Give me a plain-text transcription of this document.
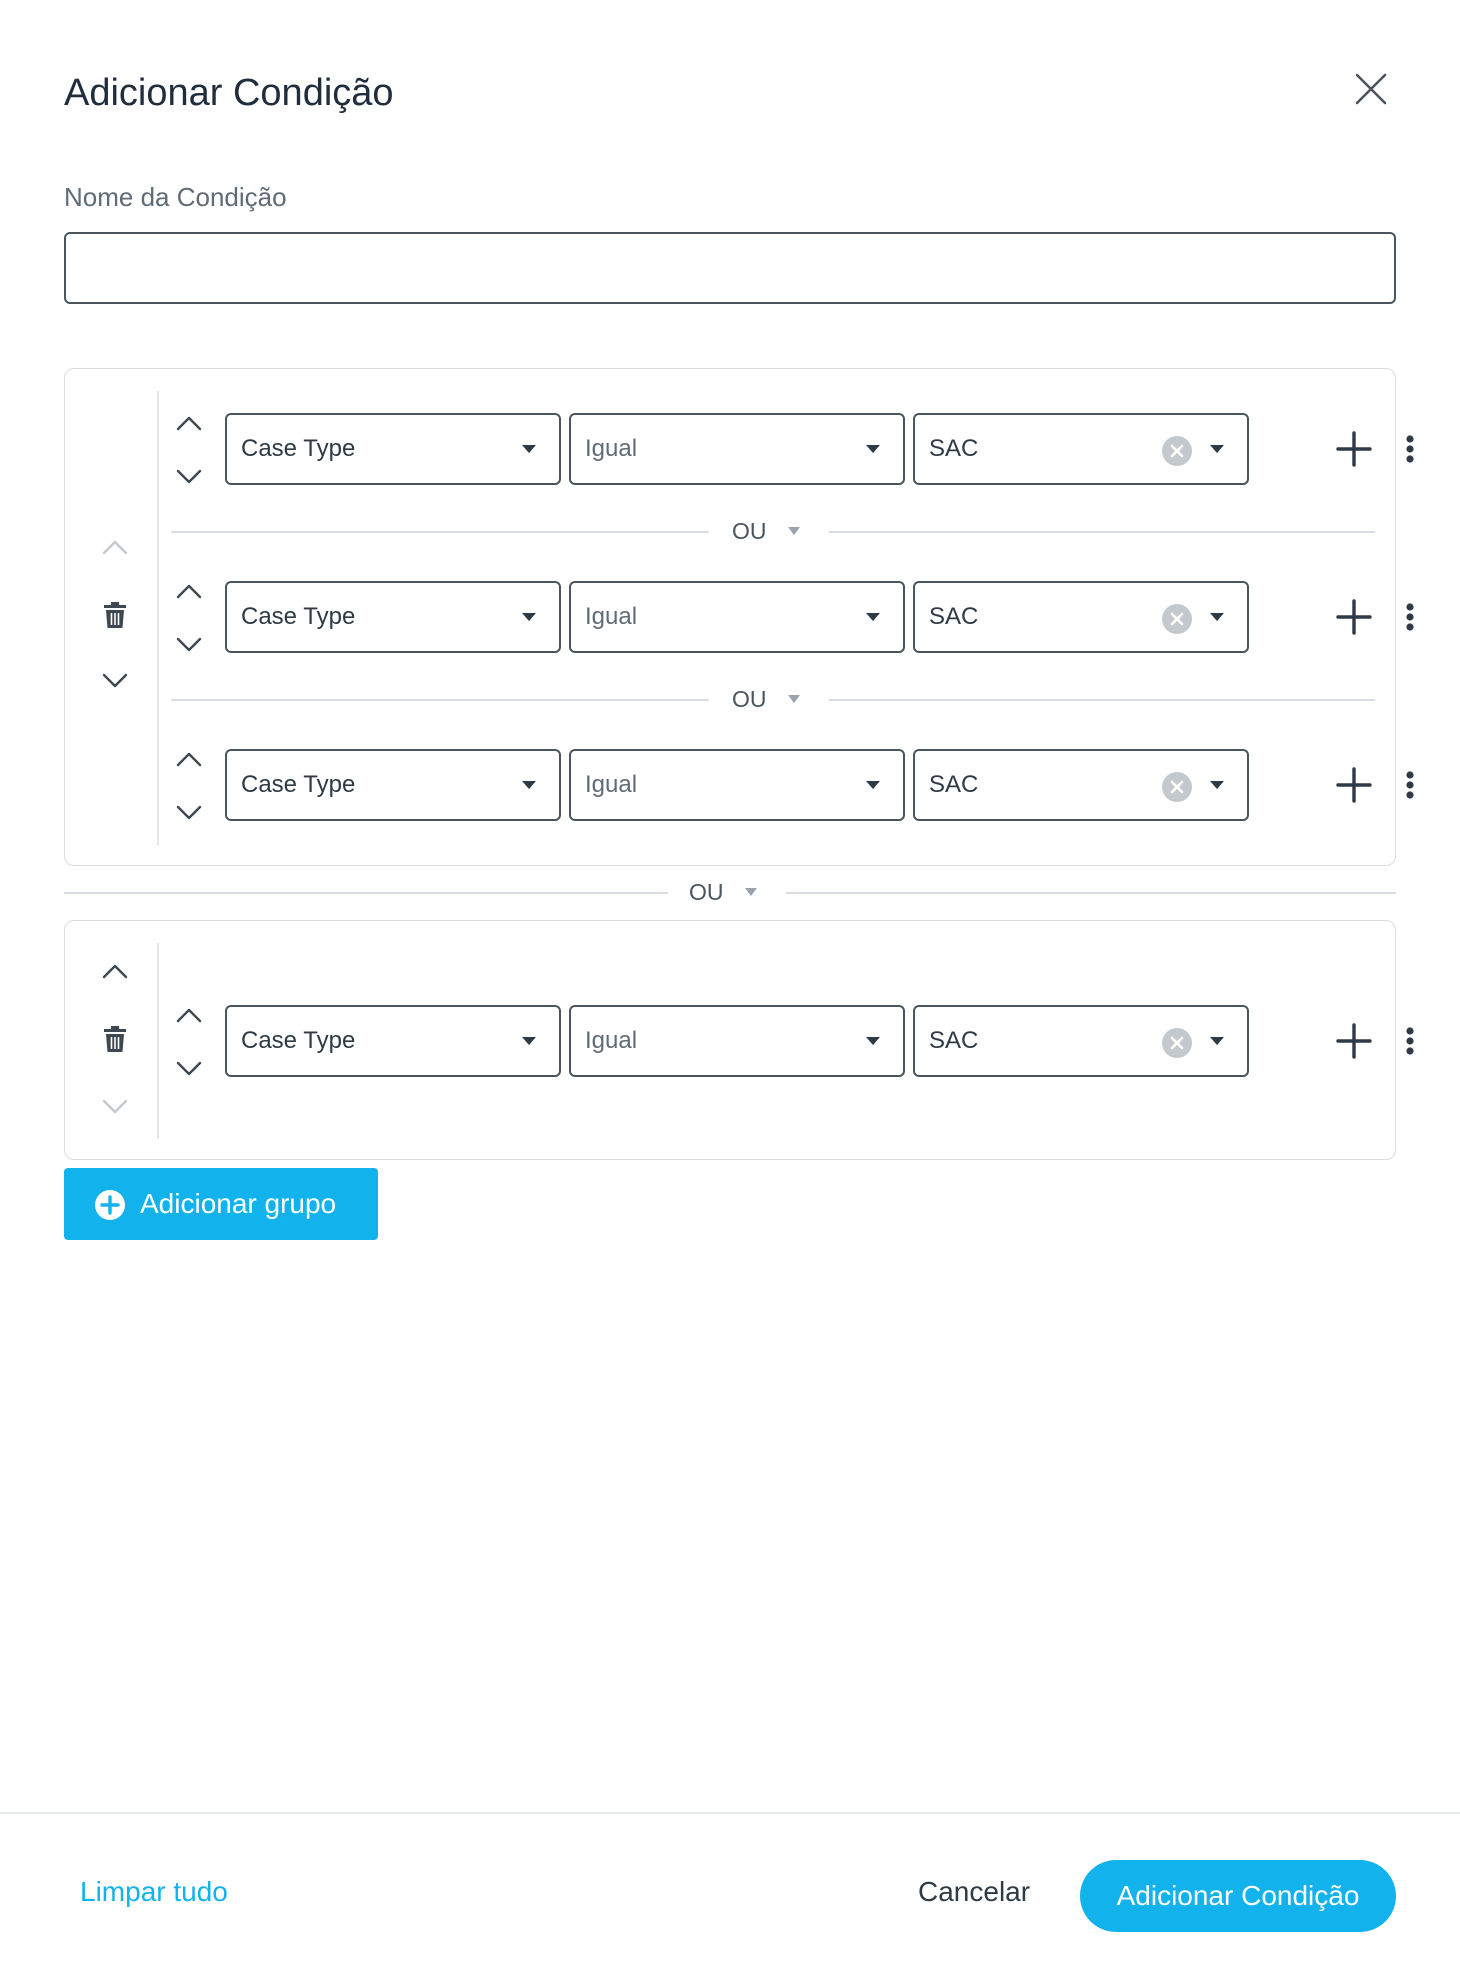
Adicionar Condição
Nome da Condição
Case Type	Igual	SAC
OU
Case Type	Igual	SAC
OU
Case Type	Igual	SAC
OU
Case Type	Igual	SAC
Adicionar grupo
Limpar tudo	Cancelar	Adicionar Condição
